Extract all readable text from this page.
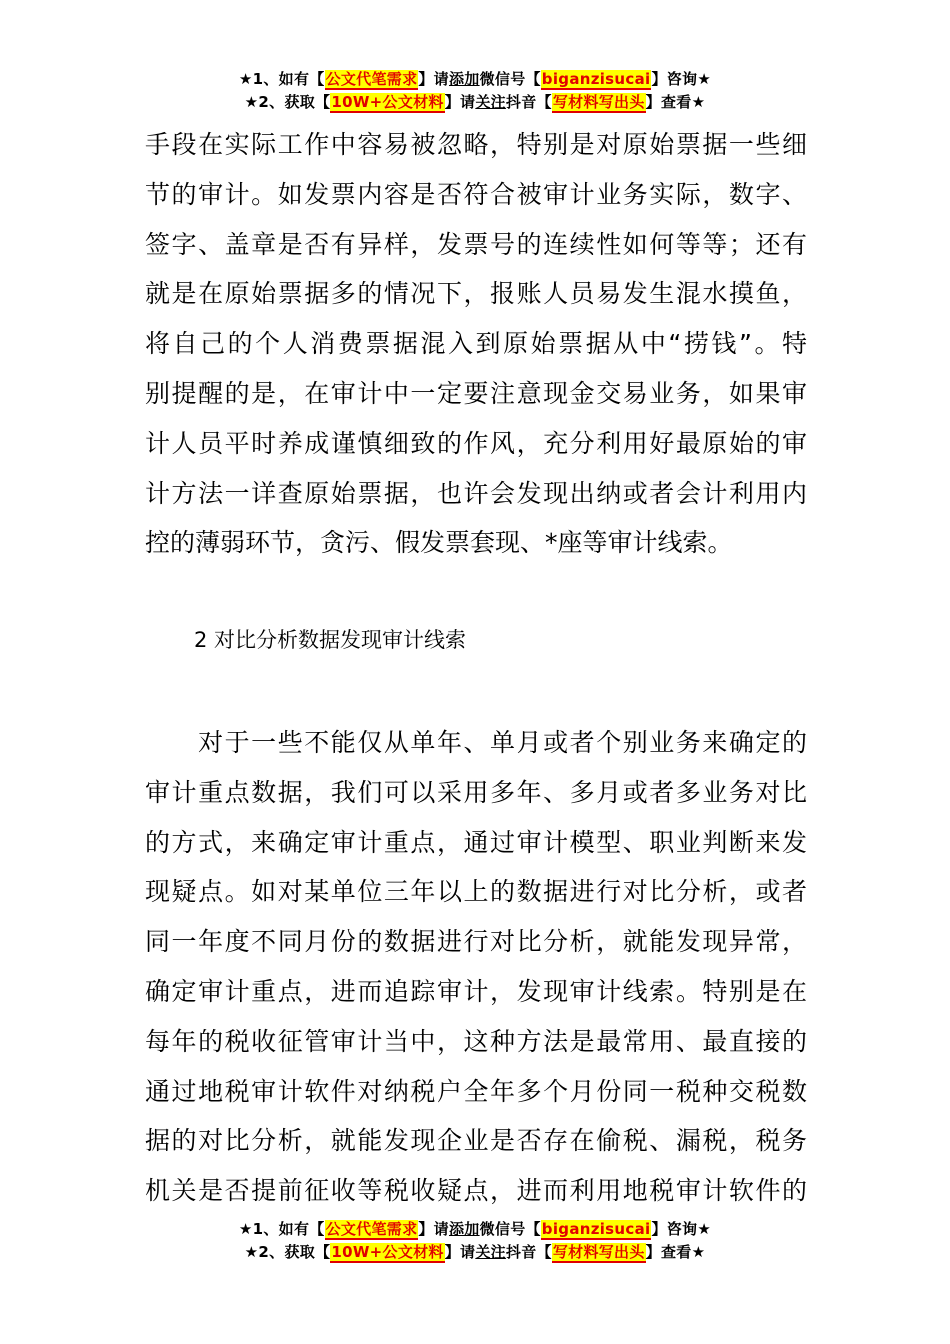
★1、如有【公文代笔需求】请添加微信号【biganzisucai】咨询★
★2、获取【10W+公文材料】请关注抖音【写材料写出头】查看★
手段在实际工作中容易被忽略，特别是对原始票据一些细
节的审计。如发票内容是否符合被审计业务实际，数字、
签字、盖章是否有异样，发票号的连续性如何等等；还有
就是在原始票据多的情况下，报账人员易发生混水摸鱼，
将自己的个人消费票据混入到原始票据从中“捞钱”。特
别提醒的是，在审计中一定要注意现金交易业务，如果审
计人员平时养成谨慎细致的作风，充分利用好最原始的审
计方法一详查原始票据，也许会发现出纳或者会计利用内
控的薄弱环节，贪污、假发票套现、*座等审计线索。
2 对比分析数据发现审计线索
　　对于一些不能仅从单年、单月或者个别业务来确定的
审计重点数据，我们可以采用多年、多月或者多业务对比
的方式，来确定审计重点，通过审计模型、职业判断来发
现疑点。如对某单位三年以上的数据进行对比分析，或者
同一年度不同月份的数据进行对比分析，就能发现异常，
确定审计重点，进而追踪审计，发现审计线索。特别是在
每年的税收征管审计当中，这种方法是最常用、最直接的
通过地税审计软件对纳税户全年多个月份同一税种交税数
据的对比分析，就能发现企业是否存在偷税、漏税，税务
机关是否提前征收等税收疑点，进而利用地税审计软件的
★1、如有【公文代笔需求】请添加微信号【biganzisucai】咨询★
★2、获取【10W+公文材料】请关注抖音【写材料写出头】查看★
